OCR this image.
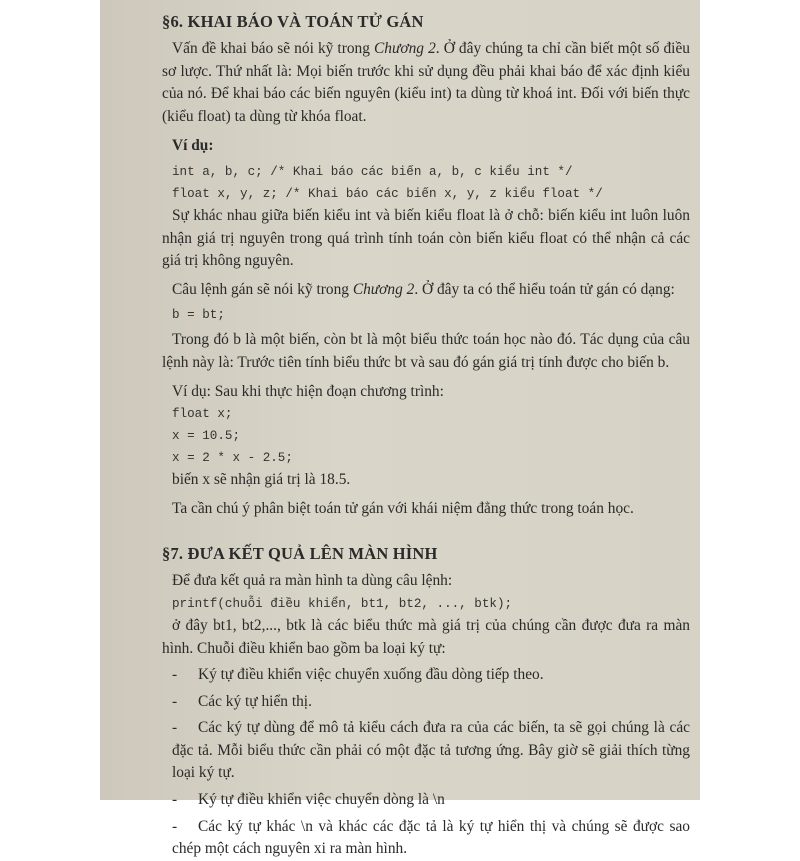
§6. KHAI BÁO VÀ TOÁN TỬ GÁN

Vấn đề khai báo sẽ nói kỹ trong Chương 2. Ở đây chúng ta chỉ cần biết một số điều sơ lược. Thứ nhất là: Mọi biến trước khi sử dụng đều phải khai báo để xác định kiểu của nó. Để khai báo các biến nguyên (kiểu int) ta dùng từ khoá int. Đối với biến thực (kiểu float) ta dùng từ khóa float.

Ví dụ:
int a, b, c; /* Khai báo các biến a, b, c kiểu int */
float x, y, z; /* Khai báo các biến x, y, z kiểu float */

Sự khác nhau giữa biến kiểu int và biến kiểu float là ở chỗ: biến kiểu int luôn luôn nhận giá trị nguyên trong quá trình tính toán còn biến kiểu float có thể nhận cả các giá trị không nguyên.

Câu lệnh gán sẽ nói kỹ trong Chương 2. Ở đây ta có thể hiểu toán tử gán có dạng:

b = bt;

Trong đó b là một biến, còn bt là một biểu thức toán học nào đó. Tác dụng của câu lệnh này là: Trước tiên tính biểu thức bt và sau đó gán giá trị tính được cho biến b.

Ví dụ: Sau khi thực hiện đoạn chương trình:

float x;
x = 10.5;
x = 2 * x - 2.5;

biến x sẽ nhận giá trị là 18.5.

Ta cần chú ý phân biệt toán tử gán với khái niệm đẳng thức trong toán học.

§7. ĐƯA KẾT QUẢ LÊN MÀN HÌNH

Để đưa kết quả ra màn hình ta dùng câu lệnh:

printf(chuỗi điều khiển, bt1, bt2, ..., btk);

ở đây bt1, bt2,..., btk là các biểu thức mà giá trị của chúng cần được đưa ra màn hình. Chuỗi điều khiển bao gồm ba loại ký tự:

- Ký tự điều khiển việc chuyển xuống đầu dòng tiếp theo.
- Các ký tự hiển thị.
- Các ký tự dùng để mô tả kiểu cách đưa ra của các biến, ta sẽ gọi chúng là các đặc tả. Mỗi biểu thức cần phải có một đặc tả tương ứng. Bây giờ sẽ giải thích từng loại ký tự.
- Ký tự điều khiển việc chuyển dòng là \n
- Các ký tự khác \n và khác các đặc tả là ký tự hiển thị và chúng sẽ được sao chép một cách nguyên xi ra màn hình.
